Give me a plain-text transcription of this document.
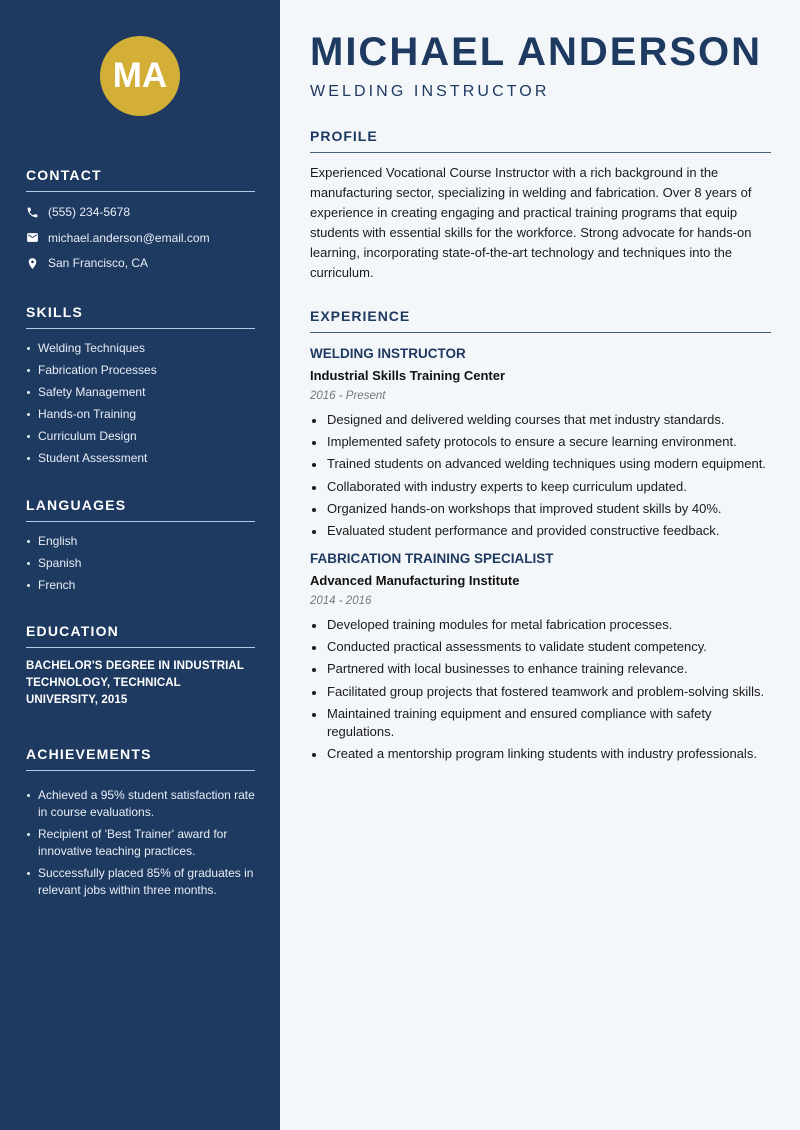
MA
CONTACT
(555) 234-5678
michael.anderson@email.com
San Francisco, CA
SKILLS
Welding Techniques
Fabrication Processes
Safety Management
Hands-on Training
Curriculum Design
Student Assessment
LANGUAGES
English
Spanish
French
EDUCATION

BACHELOR'S DEGREE IN INDUSTRIAL TECHNOLOGY, TECHNICAL UNIVERSITY, 2015

ACHIEVEMENTS
Achieved a 95% student satisfaction rate in course evaluations.
Recipient of 'Best Trainer' award for innovative teaching practices.
Successfully placed 85% of graduates in relevant jobs within three months.
MICHAEL ANDERSON
WELDING INSTRUCTOR
PROFILE

Experienced Vocational Course Instructor with a rich background in the manufacturing sector, specializing in welding and fabrication. Over 8 years of experience in creating engaging and practical training programs that equip students with essential skills for the workforce. Strong advocate for hands-on learning, incorporating state-of-the-art technology and techniques into the curriculum.

EXPERIENCE
WELDING INSTRUCTOR
Industrial Skills Training Center
2016 - Present
Designed and delivered welding courses that met industry standards.
Implemented safety protocols to ensure a secure learning environment.
Trained students on advanced welding techniques using modern equipment.
Collaborated with industry experts to keep curriculum updated.
Organized hands-on workshops that improved student skills by 40%.
Evaluated student performance and provided constructive feedback.
FABRICATION TRAINING SPECIALIST
Advanced Manufacturing Institute
2014 - 2016
Developed training modules for metal fabrication processes.
Conducted practical assessments to validate student competency.
Partnered with local businesses to enhance training relevance.
Facilitated group projects that fostered teamwork and problem-solving skills.
Maintained training equipment and ensured compliance with safety regulations.
Created a mentorship program linking students with industry professionals.
